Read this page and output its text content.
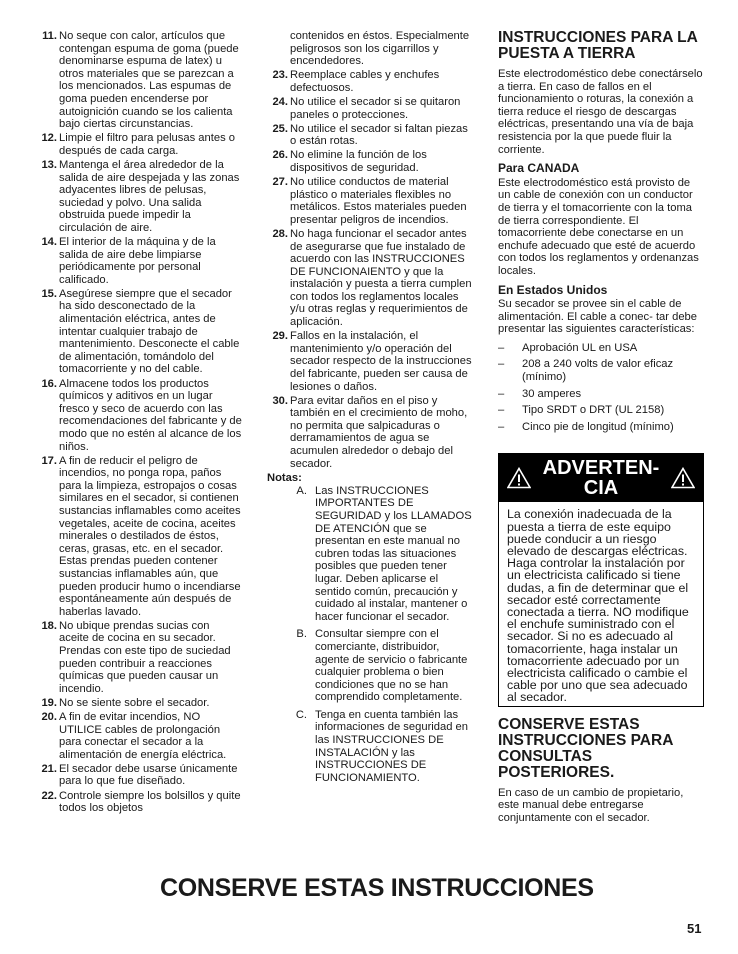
11. No seque con calor, artículos que contengan espuma de goma (puede denominarse espuma de latex) u otros materiales que se parezcan a los mencionados. Las espumas de goma pueden encenderse por autoignición cuando se los calienta bajo ciertas circunstancias.
12. Limpie el filtro para pelusas antes o después de cada carga.
13. Mantenga el área alrededor de la salida de aire despejada y las zonas adyacentes libres de pelusas, suciedad y polvo. Una salida obstruida puede impedir la circulación de aire.
14. El interior de la máquina y de la salida de aire debe limpiarse periódicamente por personal calificado.
15. Asegúrese siempre que el secador ha sido desconectado de la alimentación eléctrica, antes de intentar cualquier trabajo de mantenimiento. Desconecte el cable de alimentación, tomándolo del tomacorriente y no del cable.
16. Almacene todos los productos químicos y aditivos en un lugar fresco y seco de acuerdo con las recomendaciones del fabricante y de modo que no estén al alcance de los niños.
17. A fin de reducir el peligro de incendios, no ponga ropa, paños para la limpieza, estropajos o cosas similares en el secador, si contienen sustancias inflamables como aceites vegetales, aceite de cocina, aceites minerales o destilados de éstos, ceras, grasas, etc. en el secador. Estas prendas pueden contener sustancias inflamables aún, que pueden producir humo o incendiarse espontáneamente aún después de haberlas lavado.
18. No ubique prendas sucias con aceite de cocina en su secador. Prendas con este tipo de suciedad pueden contribuir a reacciones químicas que pueden causar un incendio.
19. No se siente sobre el secador.
20. A fin de evitar incendios, NO UTILICE cables de prolongación para conectar el secador a la alimentación de energía eléctrica.
21. El secador debe usarse únicamente para lo que fue diseñado.
22. Controle siempre los bolsillos y quite todos los objetos
contenidos en éstos. Especialmente peligrosos son los cigarrillos y encendedores.
23. Reemplace cables y enchufes defectuosos.
24. No utilice el secador si se quitaron paneles o protecciones.
25. No utilice el secador si faltan piezas o están rotas.
26. No elimine la función de los dispositivos de seguridad.
27. No utilice conductos de material plástico o materiales flexibles no metálicos. Estos materiales pueden presentar peligros de incendios.
28. No haga funcionar el secador antes de asegurarse que fue instalado de acuerdo con las INSTRUCCIONES DE FUNCIONAIENTO y que la instalación y puesta a tierra cumplen con todos los reglamentos locales y/u otras reglas y requerimientos de aplicación.
29. Fallos en la instalación, el mantenimiento y/o operación del secador respecto de la instrucciones del fabricante, pueden ser causa de lesiones o daños.
30. Para evitar daños en el piso y también en el crecimiento de moho, no permita que salpicaduras o derramamientos de agua se acumulen alrededor o debajo del secador.
Notas:
A. Las INSTRUCCIONES IMPORTANTES DE SEGURIDAD y los LLAMADOS DE ATENCIÓN que se presentan en este manual no cubren todas las situaciones posibles que pueden tener lugar. Deben aplicarse el sentido común, precaución y cuidado al instalar, mantener o hacer funcionar el secador.
B. Consultar siempre con el comerciante, distribuidor, agente de servicio o fabricante cualquier problema o bien condiciones que no se han comprendido completamente.
C. Tenga en cuenta también las informaciones de seguridad en las INSTRUCCIONES DE INSTALACIÓN y las INSTRUCCIONES DE FUNCIONAMIENTO.
INSTRUCCIONES PARA LA PUESTA A TIERRA

Este electrodoméstico debe conectárselo a tierra. En caso de fallos en el funcionamiento o roturas, la conexión a tierra reduce el riesgo de descargas eléctricas, presentando una vía de baja resistencia por la que puede fluir la corriente.

Para CANADA

Este electrodoméstico está provisto de un cable de conexión con un conductor de tierra y el tomacorriente con la toma de tierra correspondiente. El tomacorriente debe conectarse en un enchufe adecuado que esté de acuerdo con todos los reglamentos y ordenanzas locales.

En Estados Unidos

Su secador se provee sin el cable de alimentación. El cable a conec- tar debe presentar las siguientes características:

–	Aprobación UL en USA
–	208 a 240 volts de valor eficaz (mínimo)
–	30 amperes
–	Tipo SRDT o DRT (UL 2158)
–	Cinco pie de longitud (mínimo)
ADVERTEN-
CIA
La conexión inadecuada de la puesta a tierra de este equipo puede conducir a un riesgo elevado de descargas eléctricas. Haga controlar la instalación por un electricista calificado si tiene dudas, a fin de determinar que el secador esté correctamente conectada a tierra. NO modifique el enchufe suministrado con el secador. Si no es adecuado al tomacorriente, haga instalar un tomacorriente adecuado por un electricista calificado o cambie el cable por uno que sea adecuado al secador.
CONSERVE ESTAS INSTRUCCIONES PARA CONSULTAS POSTERIORES.

En caso de un cambio de propietario, este manual debe entregarse conjuntamente con el secador.

CONSERVE ESTAS INSTRUCCIONES
51
